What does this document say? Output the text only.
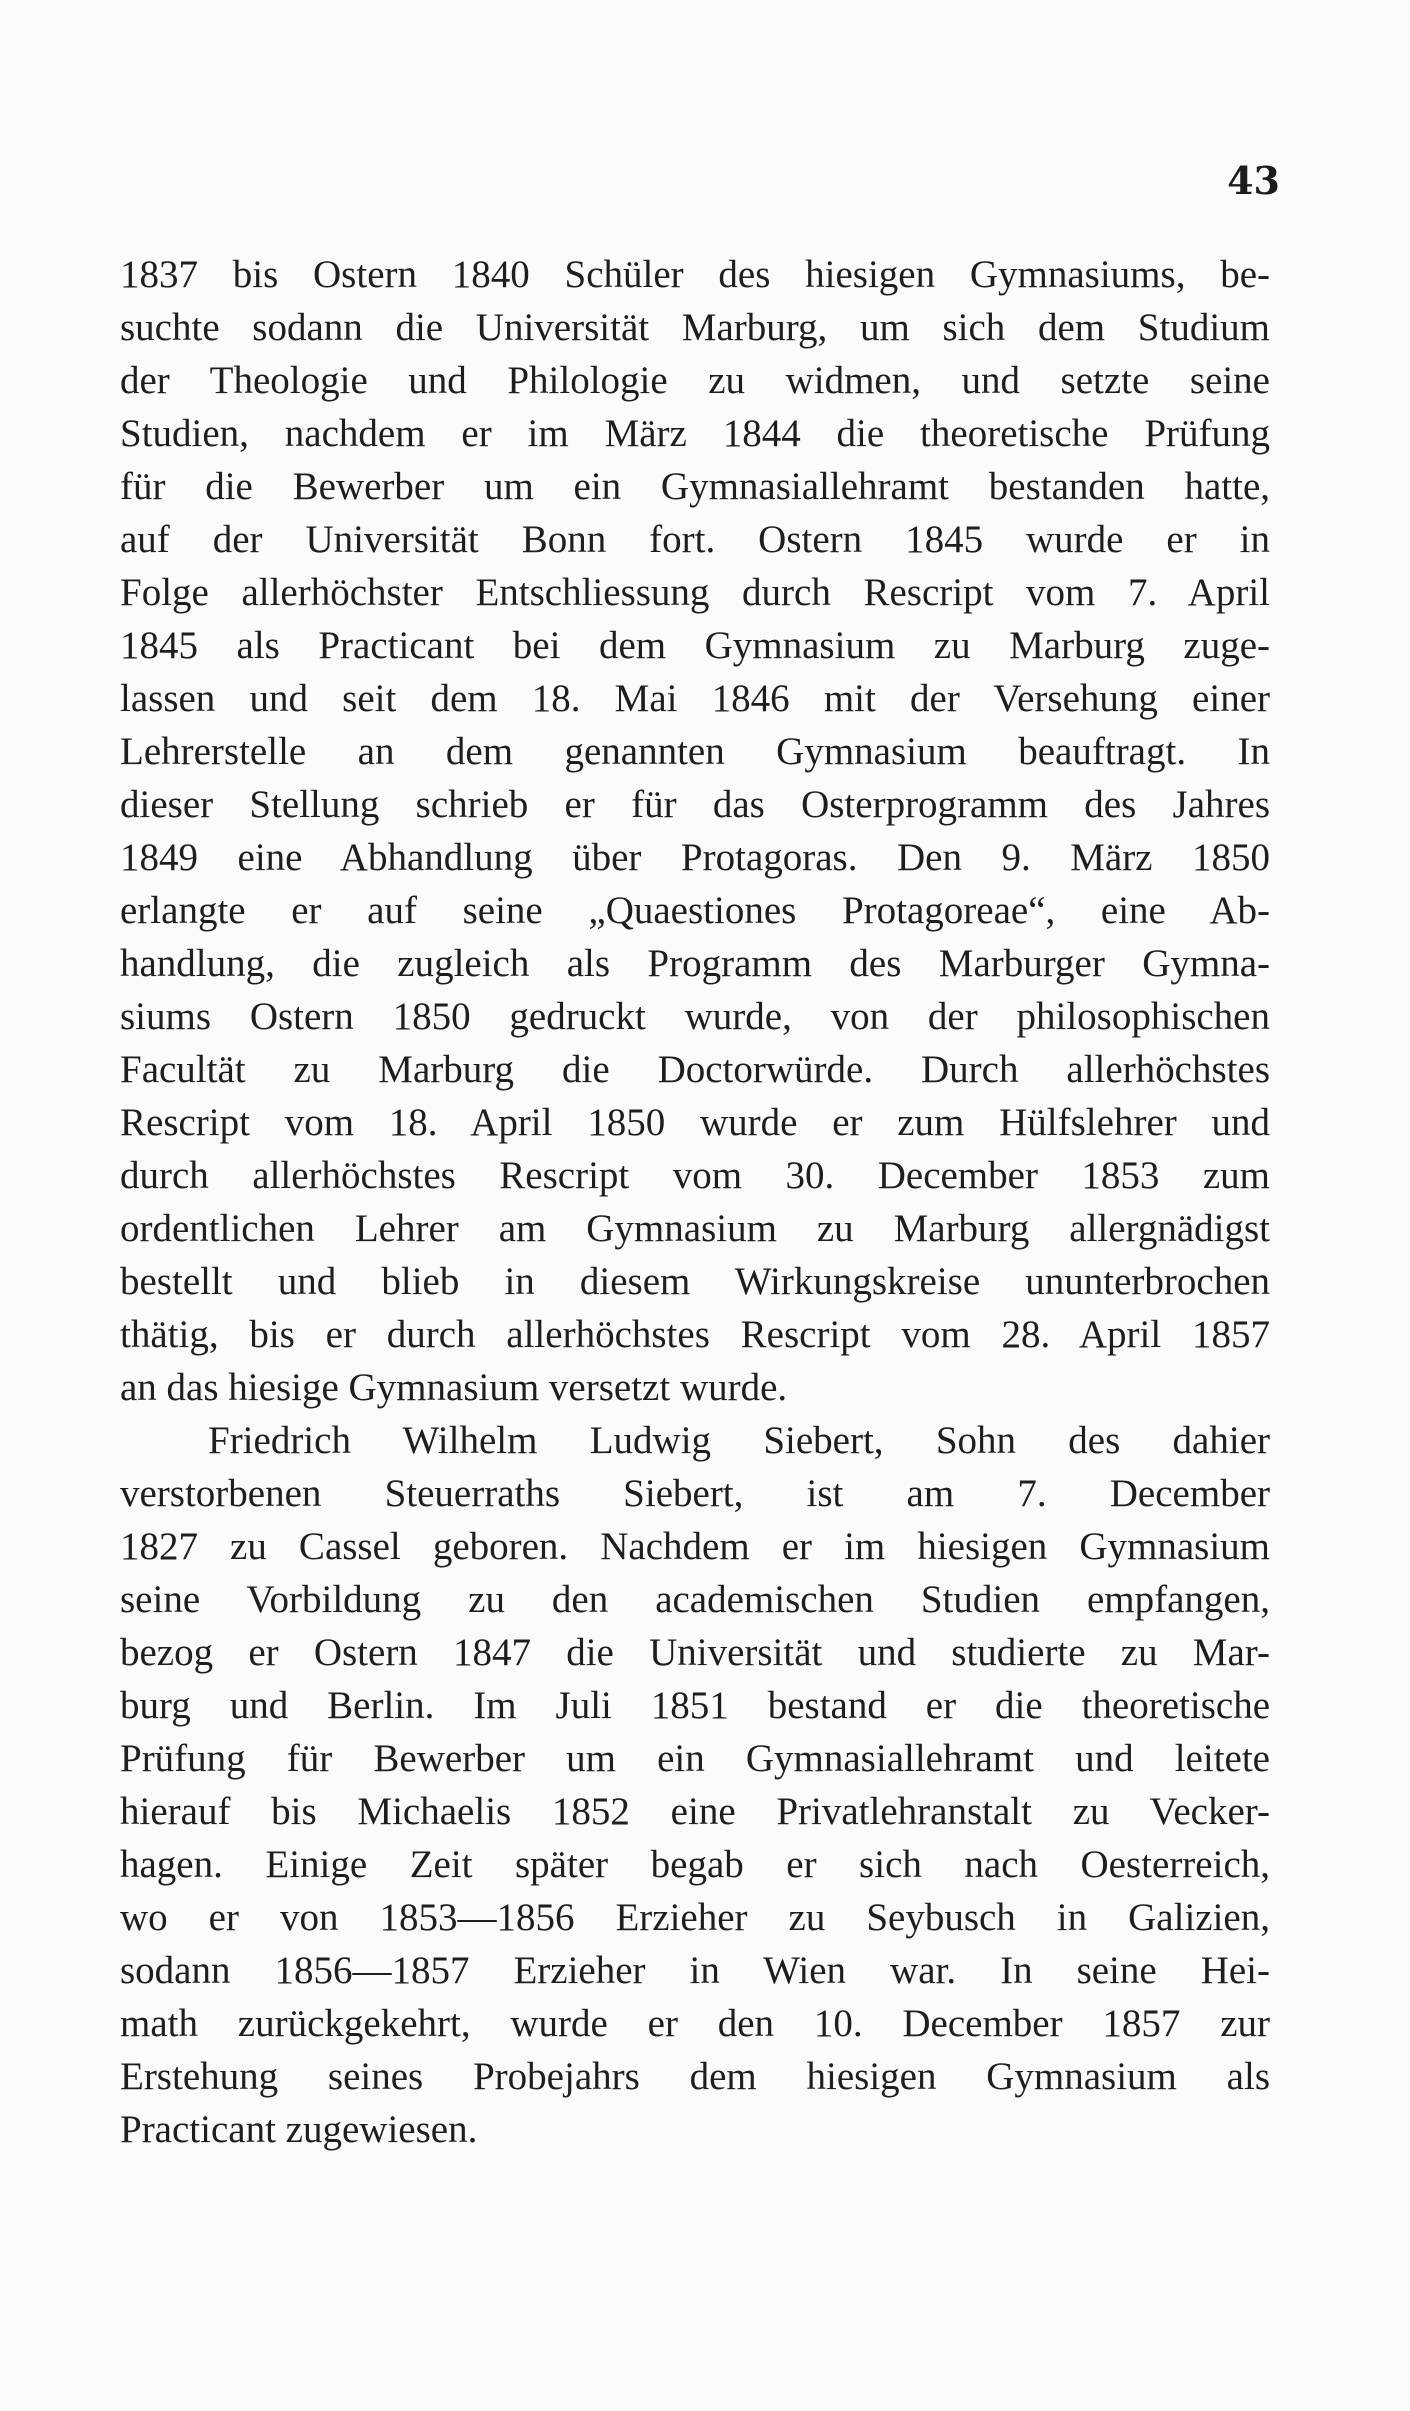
43
1837 bis Ostern 1840 Schüler des hiesigen Gymnasiums, be-
suchte sodann die Universität Marburg, um sich dem Studium
der Theologie und Philologie zu widmen, und setzte seine
Studien, nachdem er im März 1844 die theoretische Prüfung
für die Bewerber um ein Gymnasiallehramt bestanden hatte,
auf der Universität Bonn fort. Ostern 1845 wurde er in
Folge allerhöchster Entschliessung durch Rescript vom 7. April
1845 als Practicant bei dem Gymnasium zu Marburg zuge-
lassen und seit dem 18. Mai 1846 mit der Versehung einer
Lehrerstelle an dem genannten Gymnasium beauftragt. In
dieser Stellung schrieb er für das Osterprogramm des Jahres
1849 eine Abhandlung über Protagoras. Den 9. März 1850
erlangte er auf seine „Quaestiones Protagoreae“, eine Ab-
handlung, die zugleich als Programm des Marburger Gymna-
siums Ostern 1850 gedruckt wurde, von der philosophischen
Facultät zu Marburg die Doctorwürde. Durch allerhöchstes
Rescript vom 18. April 1850 wurde er zum Hülfslehrer und
durch allerhöchstes Rescript vom 30. December 1853 zum
ordentlichen Lehrer am Gymnasium zu Marburg allergnädigst
bestellt und blieb in diesem Wirkungskreise ununterbrochen
thätig, bis er durch allerhöchstes Rescript vom 28. April 1857
an das hiesige Gymnasium versetzt wurde.
Friedrich Wilhelm Ludwig Siebert, Sohn des dahier
verstorbenen Steuerraths Siebert, ist am 7. December
1827 zu Cassel geboren. Nachdem er im hiesigen Gymnasium
seine Vorbildung zu den academischen Studien empfangen,
bezog er Ostern 1847 die Universität und studierte zu Mar-
burg und Berlin. Im Juli 1851 bestand er die theoretische
Prüfung für Bewerber um ein Gymnasiallehramt und leitete
hierauf bis Michaelis 1852 eine Privatlehranstalt zu Vecker-
hagen. Einige Zeit später begab er sich nach Oesterreich,
wo er von 1853—1856 Erzieher zu Seybusch in Galizien,
sodann 1856—1857 Erzieher in Wien war. In seine Hei-
math zurückgekehrt, wurde er den 10. December 1857 zur
Erstehung seines Probejahrs dem hiesigen Gymnasium als
Practicant zugewiesen.
